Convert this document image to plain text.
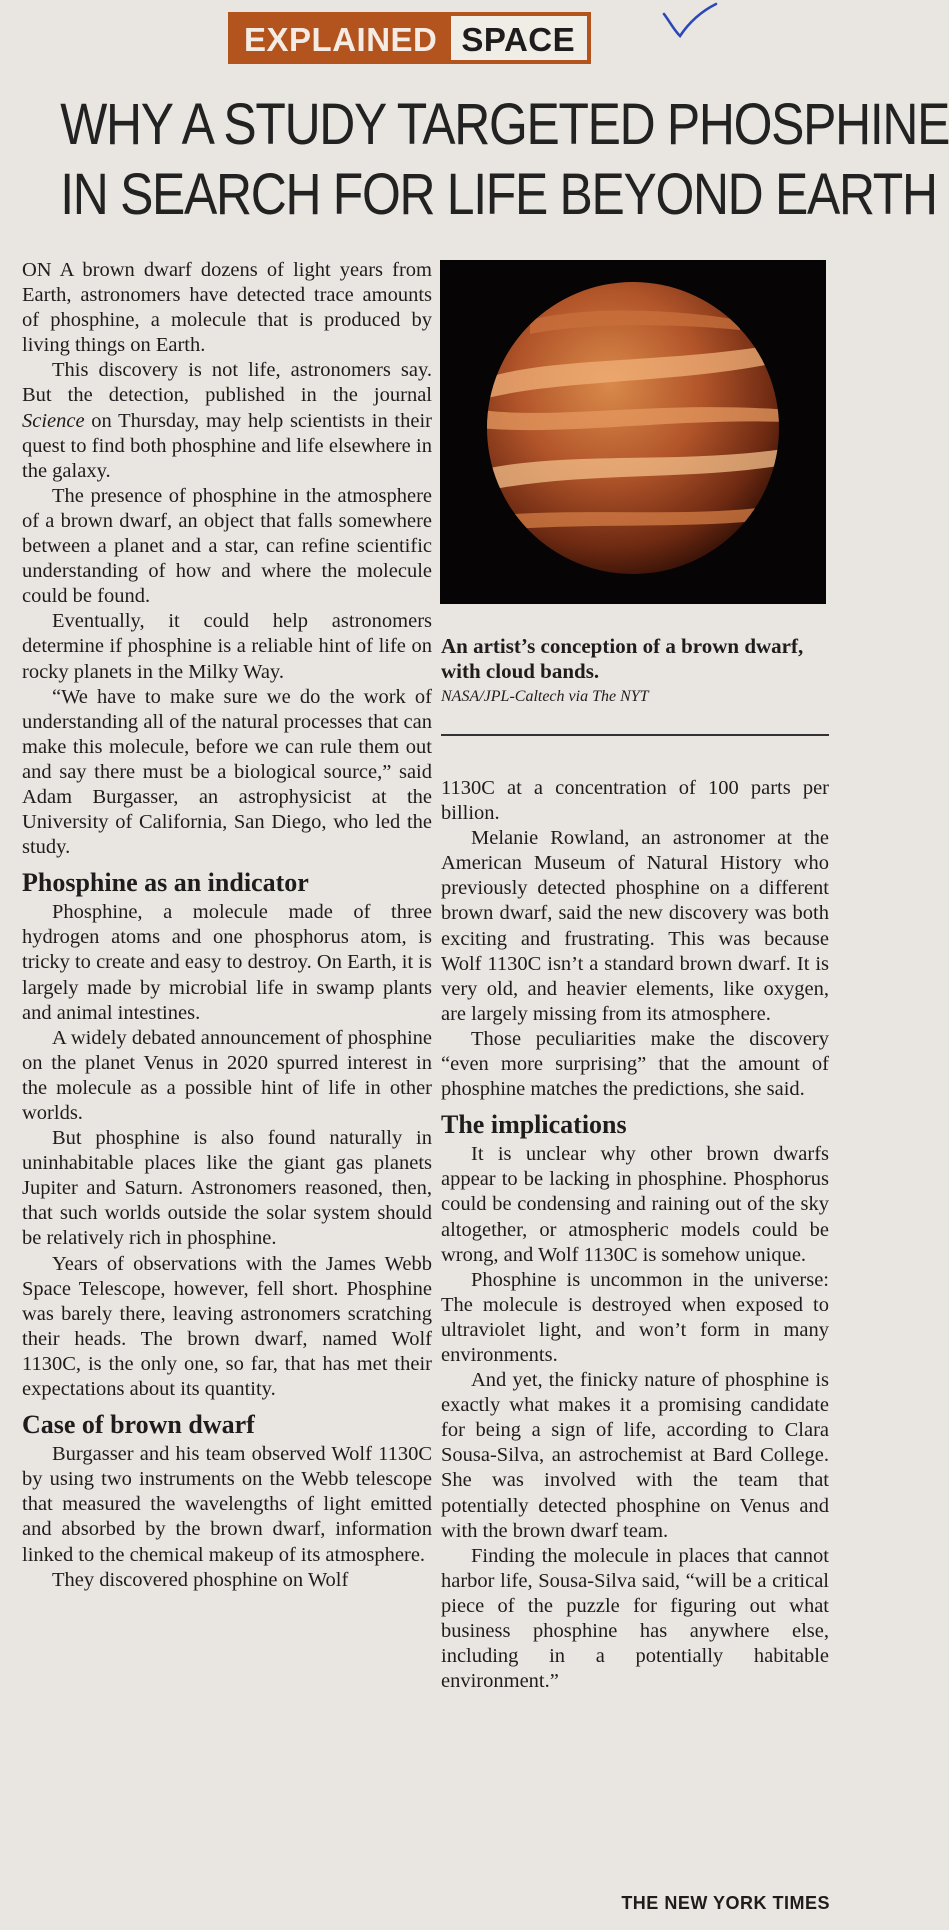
EXPLAINED SPACE
WHY A STUDY TARGETED PHOSPHINE
IN SEARCH FOR LIFE BEYOND EARTH

ON A brown dwarf dozens of light years from Earth, astronomers have detected trace amounts of phosphine, a molecule that is produced by living things on Earth.

This discovery is not life, astronomers say. But the detection, published in the journal Science on Thursday, may help scientists in their quest to find both phosphine and life elsewhere in the galaxy.

The presence of phosphine in the atmosphere of a brown dwarf, an object that falls somewhere between a planet and a star, can refine scientific understanding of how and where the molecule could be found.

Eventually, it could help astronomers determine if phosphine is a reliable hint of life on rocky planets in the Milky Way.

“We have to make sure we do the work of understanding all of the natural processes that can make this molecule, before we can rule them out and say there must be a biological source,” said Adam Burgasser, an astrophysicist at the University of California, San Diego, who led the study.

Phosphine as an indicator

Phosphine, a molecule made of three hydrogen atoms and one phosphorus atom, is tricky to create and easy to destroy. On Earth, it is largely made by microbial life in swamp plants and animal intestines.

A widely debated announcement of phosphine on the planet Venus in 2020 spurred interest in the molecule as a possible hint of life in other worlds.

But phosphine is also found naturally in uninhabitable places like the giant gas planets Jupiter and Saturn. Astronomers reasoned, then, that such worlds outside the solar system should be relatively rich in phosphine.

Years of observations with the James Webb Space Telescope, however, fell short. Phosphine was barely there, leaving astronomers scratching their heads. The brown dwarf, named Wolf 1130C, is the only one, so far, that has met their expectations about its quantity.

Case of brown dwarf

Burgasser and his team observed Wolf 1130C by using two instruments on the Webb telescope that measured the wavelengths of light emitted and absorbed by the brown dwarf, information linked to the chemical makeup of its atmosphere.

They discovered phosphine on Wolf

An artist’s conception of a brown dwarf, with cloud bands.
NASA/JPL-Caltech via The NYT

1130C at a concentration of 100 parts per billion.

Melanie Rowland, an astronomer at the American Museum of Natural History who previously detected phosphine on a different brown dwarf, said the new discovery was both exciting and frustrating. This was because Wolf 1130C isn’t a standard brown dwarf. It is very old, and heavier elements, like oxygen, are largely missing from its atmosphere.

Those peculiarities make the discovery “even more surprising” that the amount of phosphine matches the predictions, she said.

The implications

It is unclear why other brown dwarfs appear to be lacking in phosphine. Phosphorus could be condensing and raining out of the sky altogether, or atmospheric models could be wrong, and Wolf 1130C is somehow unique.

Phosphine is uncommon in the universe: The molecule is destroyed when exposed to ultraviolet light, and won’t form in many environments.

And yet, the finicky nature of phosphine is exactly what makes it a promising candidate for being a sign of life, according to Clara Sousa-Silva, an astrochemist at Bard College. She was involved with the team that potentially detected phosphine on Venus and with the brown dwarf team.

Finding the molecule in places that cannot harbor life, Sousa-Silva said, “will be a critical piece of the puzzle for figuring out what business phosphine has anywhere else, including in a potentially habitable environment.”

THE NEW YORK TIMES
